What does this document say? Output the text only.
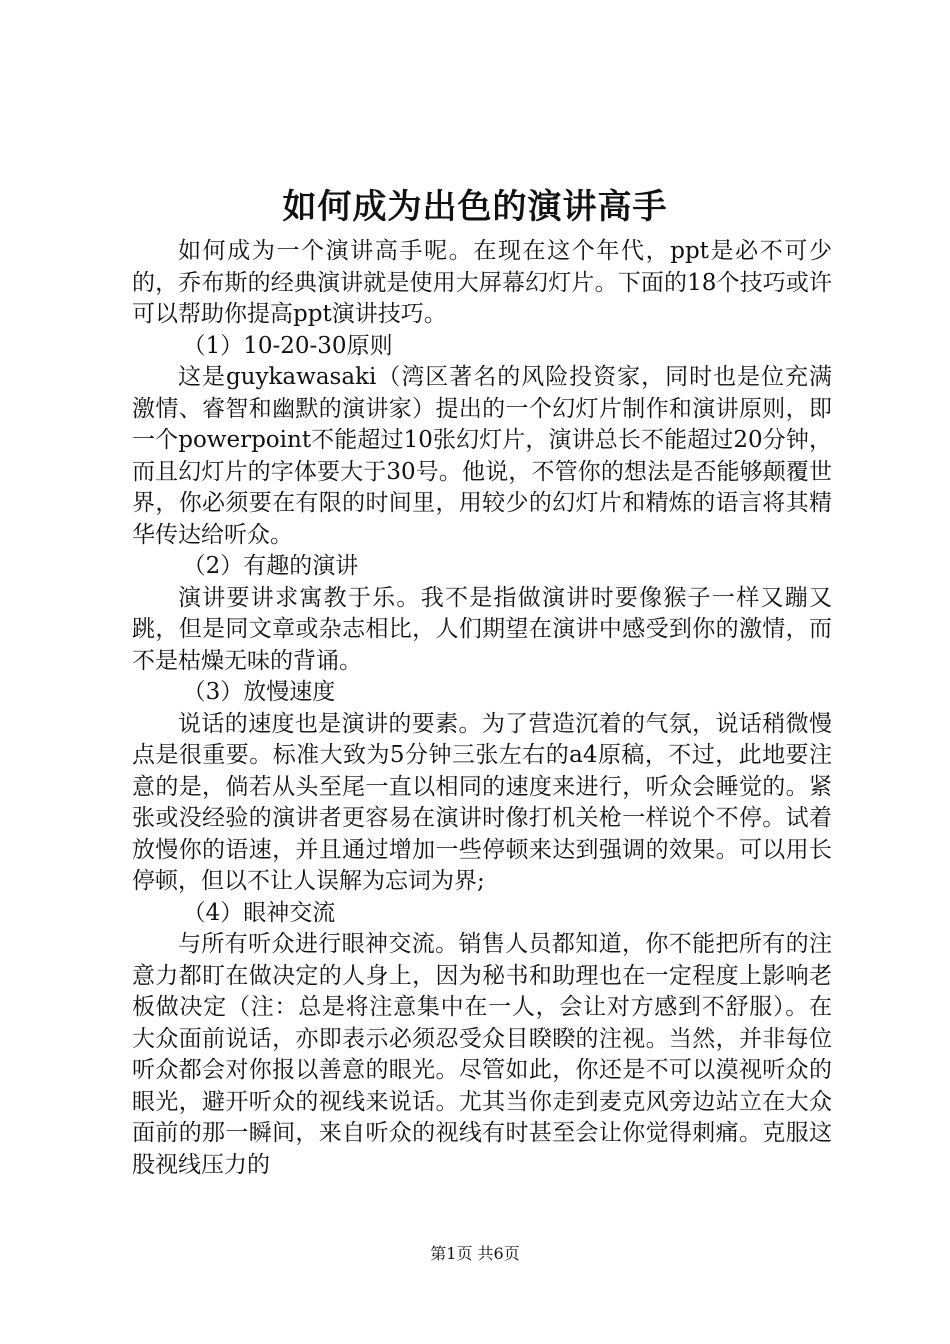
如何成为出色的演讲高手

如何成为一个演讲高手呢。在现在这个年代，ppt是必不可少的，乔布斯的经典演讲就是使用大屏幕幻灯片。下面的18个技巧或许可以帮助你提高ppt演讲技巧。

（1）10-20-30原则

这是guykawasaki（湾区著名的风险投资家，同时也是位充满激情、睿智和幽默的演讲家）提出的一个幻灯片制作和演讲原则，即一个powerpoint不能超过10张幻灯片，演讲总长不能超过20分钟，而且幻灯片的字体要大于30号。他说，不管你的想法是否能够颠覆世界，你必须要在有限的时间里，用较少的幻灯片和精炼的语言将其精华传达给听众。

（2）有趣的演讲

演讲要讲求寓教于乐。我不是指做演讲时要像猴子一样又蹦又跳，但是同文章或杂志相比，人们期望在演讲中感受到你的激情，而不是枯燥无味的背诵。

（3）放慢速度

说话的速度也是演讲的要素。为了营造沉着的气氛，说话稍微慢点是很重要。标准大致为5分钟三张左右的a4原稿，不过，此地要注意的是，倘若从头至尾一直以相同的速度来进行，听众会睡觉的。紧张或没经验的演讲者更容易在演讲时像打机关枪一样说个不停。试着放慢你的语速，并且通过增加一些停顿来达到强调的效果。可以用长停顿，但以不让人误解为忘词为界;

（4）眼神交流

与所有听众进行眼神交流。销售人员都知道，你不能把所有的注意力都盯在做决定的人身上，因为秘书和助理也在一定程度上影响老板做决定（注：总是将注意集中在一人，会让对方感到不舒服）。在大众面前说话，亦即表示必须忍受众目睽睽的注视。当然，并非每位听众都会对你报以善意的眼光。尽管如此，你还是不可以漠视听众的眼光，避开听众的视线来说话。尤其当你走到麦克风旁边站立在大众面前的那一瞬间，来自听众的视线有时甚至会让你觉得刺痛。克服这股视线压力的

第1页 共6页
